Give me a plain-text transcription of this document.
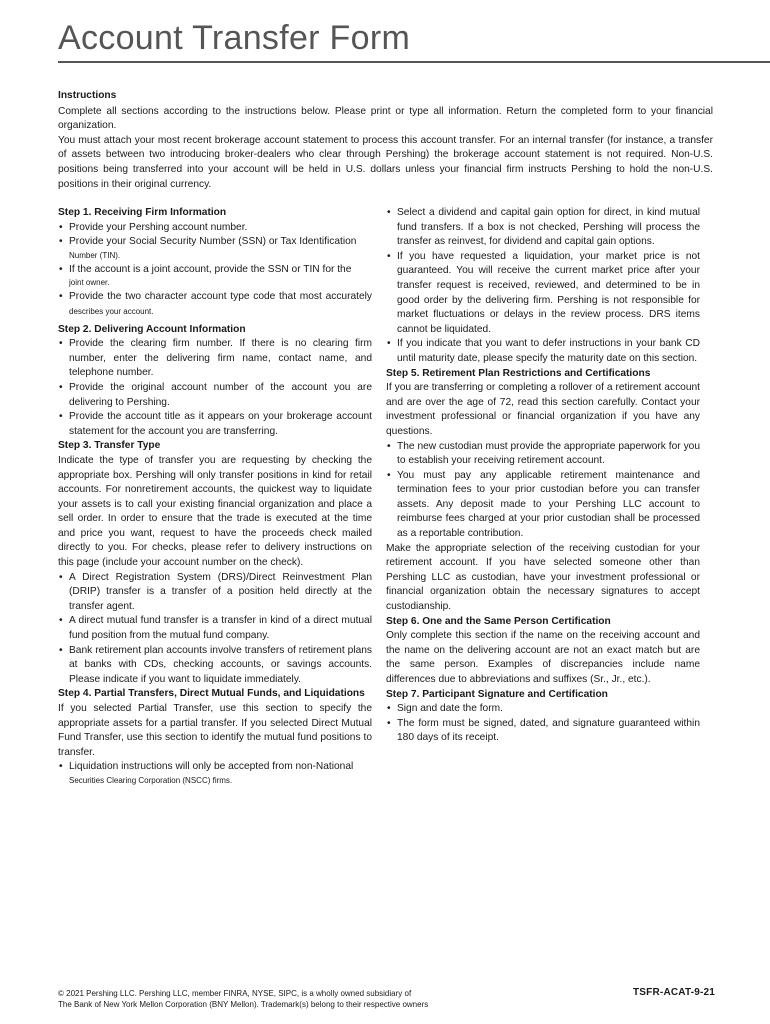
Account Transfer Form

Instructions

Complete all sections according to the instructions below. Please print or type all information. Return the completed form to your financial organization.

You must attach your most recent brokerage account statement to process this account transfer. For an internal transfer (for instance, a transfer of assets between two introducing broker-dealers who clear through Pershing) the brokerage account statement is not required. Non-U.S. positions being transferred into your account will be held in U.S. dollars unless your financial firm instructs Pershing to hold the non-U.S. positions in their original currency.

Step 1. Receiving Firm Information

• Provide your Pershing account number.
• Provide your Social Security Number (SSN) or Tax Identification
Number (TIN).
• If the account is a joint account, provide the SSN or TIN for the
joint owner.
• Provide the two character account type code that most accurately describes your account.

Step 2. Delivering Account Information

• Provide the clearing firm number. If there is no clearing firm number, enter the delivering firm name, contact name, and telephone number.
• Provide the original account number of the account you are delivering to Pershing.
• Provide the account title as it appears on your brokerage account statement for the account you are transferring.

Step 3. Transfer Type

Indicate the type of transfer you are requesting by checking the appropriate box. Pershing will only transfer positions in kind for retail accounts. For nonretirement accounts, the quickest way to liquidate your assets is to call your existing financial organization and place a sell order. In order to ensure that the trade is executed at the time and price you want, request to have the proceeds check mailed directly to you. For checks, please refer to delivery instructions on this page (include your account number on the check).

• A Direct Registration System (DRS)/Direct Reinvestment Plan (DRIP) transfer is a transfer of a position held directly at the transfer agent.
• A direct mutual fund transfer is a transfer in kind of a direct mutual fund position from the mutual fund company.
• Bank retirement plan accounts involve transfers of retirement plans at banks with CDs, checking accounts, or savings accounts. Please indicate if you want to liquidate immediately.

Step 4. Partial Transfers, Direct Mutual Funds, and Liquidations

If you selected Partial Transfer, use this section to specify the appropriate assets for a partial transfer. If you selected Direct Mutual Fund Transfer, use this section to identify the mutual fund positions to transfer.

• Liquidation instructions will only be accepted from non-National
Securities Clearing Corporation (NSCC) firms.
• Select a dividend and capital gain option for direct, in kind mutual fund transfers. If a box is not checked, Pershing will process the transfer as reinvest, for dividend and capital gain options.
• If you have requested a liquidation, your market price is not guaranteed. You will receive the current market price after your transfer request is received, reviewed, and determined to be in good order by the delivering firm. Pershing is not responsible for market fluctuations or delays in the review process. DRS items cannot be liquidated.
• If you indicate that you want to defer instructions in your bank CD until maturity date, please specify the maturity date on this section.

Step 5. Retirement Plan Restrictions and Certifications

If you are transferring or completing a rollover of a retirement account and are over the age of 72, read this section carefully. Contact your investment professional or financial organization if you have any questions.

• The new custodian must provide the appropriate paperwork for you to establish your receiving retirement account.
• You must pay any applicable retirement maintenance and termination fees to your prior custodian before you can transfer assets. Any deposit made to your Pershing LLC account to reimburse fees charged at your prior custodian shall be processed as a reportable contribution.

Make the appropriate selection of the receiving custodian for your retirement account. If you have selected someone other than Pershing LLC as custodian, have your investment professional or financial organization obtain the necessary signatures to accept custodianship.

Step 6. One and the Same Person Certification

Only complete this section if the name on the receiving account and the name on the delivering account are not an exact match but are the same person. Examples of discrepancies include name differences due to abbreviations and suffixes (Sr., Jr., etc.).

Step 7. Participant Signature and Certification

• Sign and date the form.
• The form must be signed, dated, and signature guaranteed within 180 days of its receipt.
© 2021 Pershing LLC. Pershing LLC, member FINRA, NYSE, SIPC, is a wholly owned subsidiary of
The Bank of New York Mellon Corporation (BNY Mellon). Trademark(s) belong to their respective owners
TSFR-ACAT-9-21
